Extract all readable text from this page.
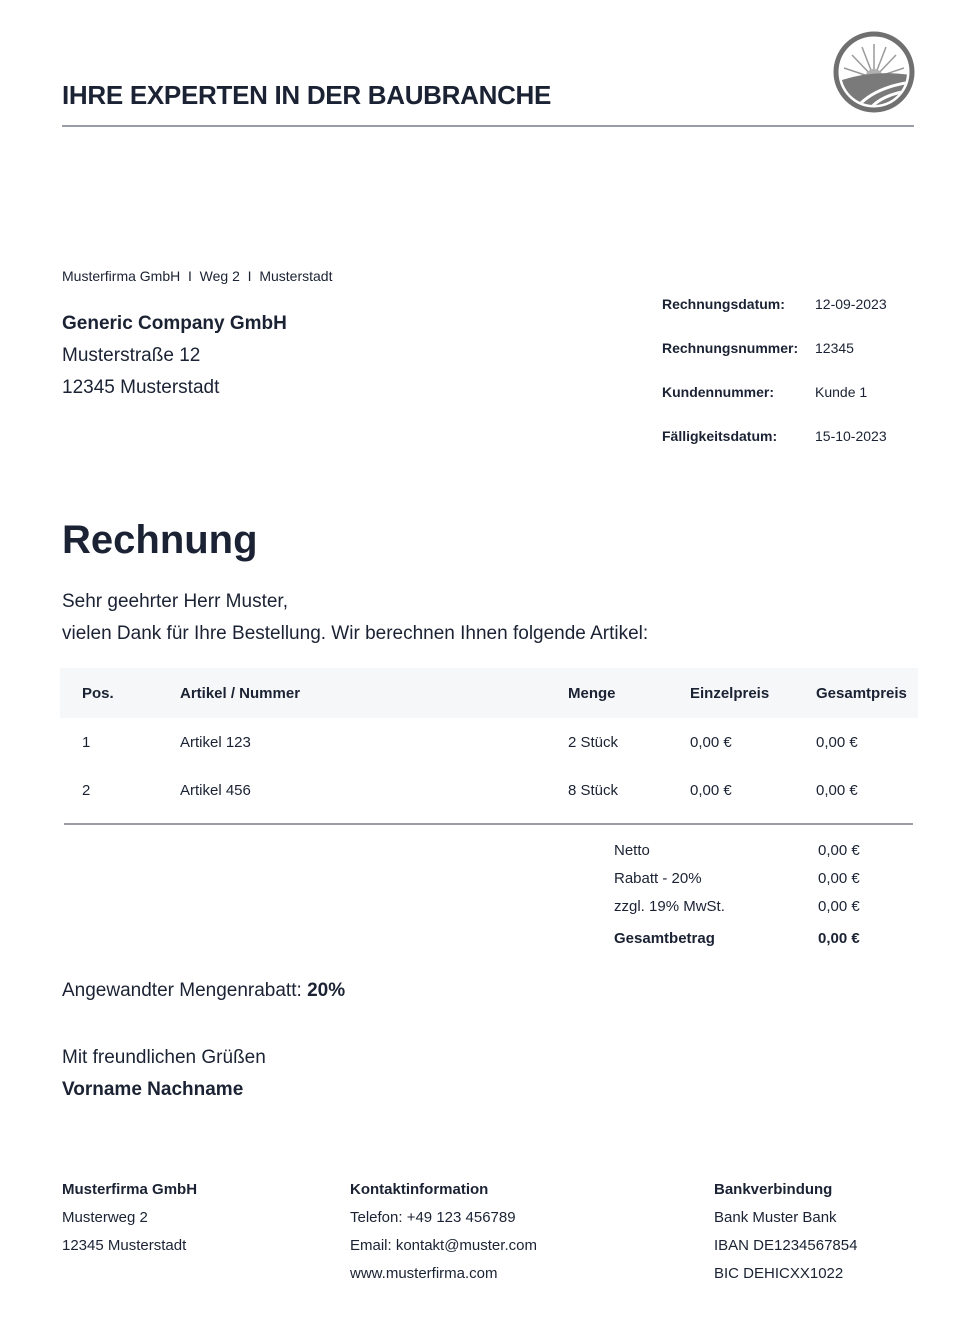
IHRE EXPERTEN IN DER BAUBRANCHE
Musterfirma GmbH  I  Weg 2  I  Musterstadt
Generic Company GmbH
Musterstraße 12
12345 Musterstadt
Rechnungsdatum:	12-09-2023
Rechnungsnummer:	12345
Kundennummer:	Kunde 1
Fälligkeitsdatum:	15-10-2023
Rechnung
Sehr geehrter Herr Muster,
vielen Dank für Ihre Bestellung. Wir berechnen Ihnen folgende Artikel:
Pos.	Artikel / Nummer	Menge	Einzelpreis	Gesamtpreis
1	Artikel 123	2 Stück	0,00 €	0,00 €
2	Artikel 456	8 Stück	0,00 €	0,00 €
Netto	0,00 €
Rabatt - 20%	0,00 €
zzgl. 19% MwSt.	0,00 €
Gesamtbetrag	0,00 €
Angewandter Mengenrabatt: 20%
Mit freundlichen Grüßen
Vorname Nachname
Musterfirma GmbH
Musterweg 2
12345 Musterstadt
Kontaktinformation
Telefon: +49 123 456789
Email: kontakt@muster.com
www.musterfirma.com
Bankverbindung
Bank Muster Bank
IBAN DE1234567854
BIC DEHICXX1022
